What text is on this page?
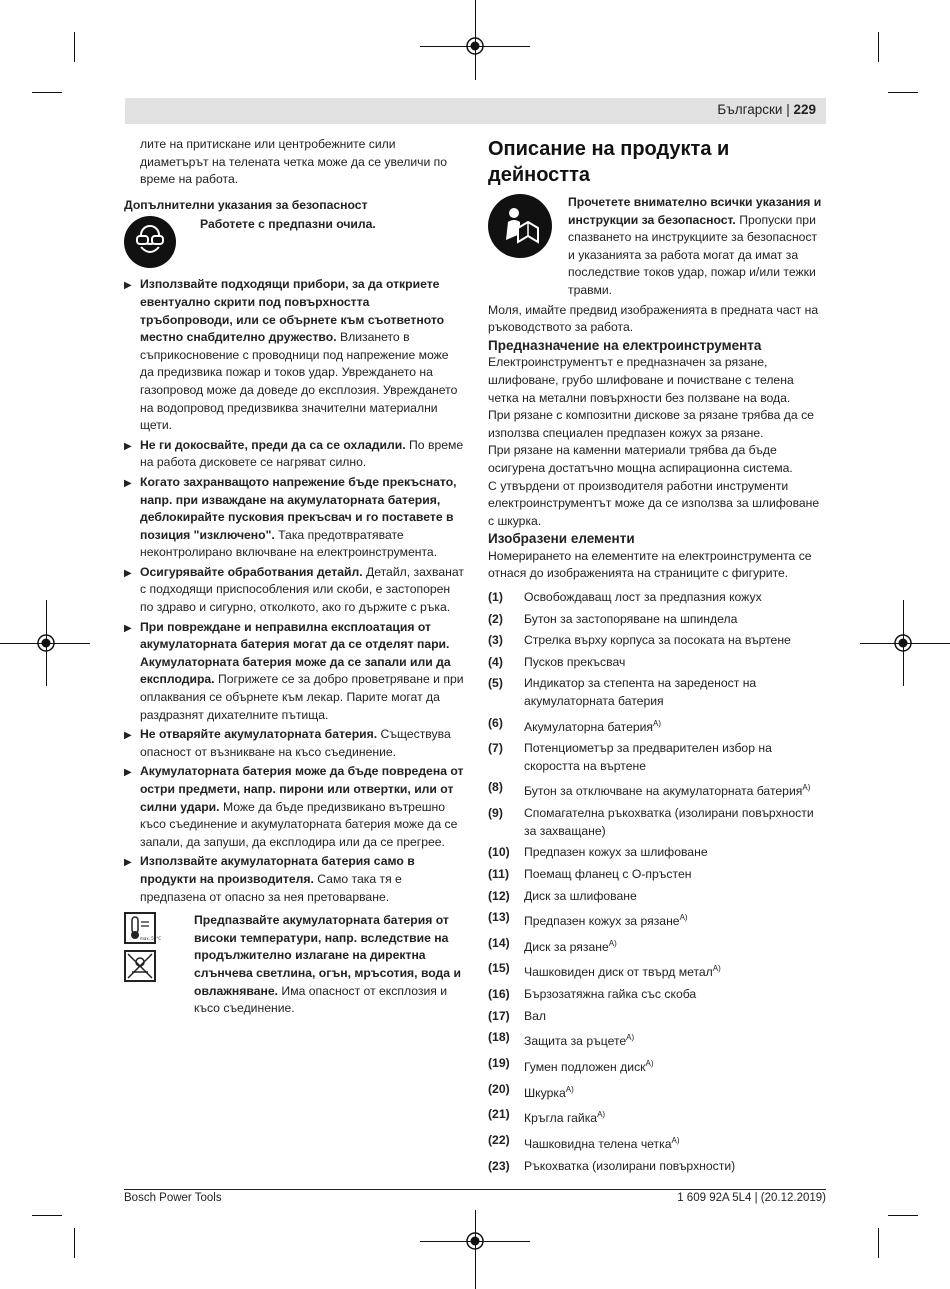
Български | 229

лите на притискане или центробежните сили диаметърът на телената четка може да се увеличи по време на работа.

Допълнителни указания за безопасност

Работете с предпазни очила.

▶ Използвайте подходящи прибори, за да откриете евентуално скрити под повърхността тръбопроводи, или се обърнете към съответното местно снабдително дружество. Влизането в съприкосновение с проводници под напрежение може да предизвика пожар и токов удар. Увреждането на газопровод може да доведе до експлозия. Увреждането на водопровод предизвиква значителни материални щети.
▶ Не ги докосвайте, преди да са се охладили. По време на работа дисковете се нагряват силно.
▶ Когато захранващото напрежение бъде прекъснато, напр. при изваждане на акумулаторната батерия, деблокирайте пусковия прекъсвач и го поставете в позиция "изключено". Така предотвратявате неконтролирано включване на електроинструмента.
▶ Осигурявайте обработвания детайл. Детайл, захванат с подходящи приспособления или скоби, е застопорен по здраво и сигурно, отколкото, ако го държите с ръка.
▶ При повреждане и неправилна експлоатация от акумулаторната батерия могат да се отделят пари. Акумулаторната батерия може да се запали или да експлодира. Погрижете се за добро проветряване и при оплаквания се обърнете към лекар. Парите могат да раздразнят дихателните пътища.
▶ Не отваряйте акумулаторната батерия. Съществува опасност от възникване на късо съединение.
▶ Акумулаторната батерия може да бъде повредена от остри предмети, напр. пирони или отвертки, или от силни удари. Може да бъде предизвикано вътрешно късо съединение и акумулаторната батерия може да се запали, да запуши, да експлодира или да се прегрее.
▶ Използвайте акумулаторната батерия само в продукти на производителя. Само така тя е предпазена от опасно за нея претоварване.
max. 50°C

Предпазвайте акумулаторната батерия от високи температури, напр. вследствие на продължително излагане на директна слънчева светлина, огън, мръсотия, вода и овлажняване. Има опасност от експлозия и късо съединение.

Описание на продукта и дейността

Прочетете внимателно всички указания и инструкции за безопасност. Пропуски при спазването на инструкциите за безопасност и указанията за работа могат да имат за последствие токов удар, пожар и/или тежки травми.

Моля, имайте предвид изображенията в предната част на ръководството за работа.

Предназначение на електроинструмента

Електроинструментът е предназначен за рязане, шлифоване, грубо шлифоване и почистване с телена четка на метални повърхности без ползване на вода.

При рязане с композитни дискове за рязане трябва да се използва специален предпазен кожух за рязане.

При рязане на каменни материали трябва да бъде осигурена достатъчно мощна аспирационна система.

С утвърдени от производителя работни инструменти електроинструментът може да се използва за шлифоване с шкурка.

Изобразени елементи

Номерирането на елементите на електроинструмента се отнася до изображенията на страниците с фигурите.

(1)	Освобождаващ лост за предпазния кожух
(2)	Бутон за застопоряване на шпиндела
(3)	Стрелка върху корпуса за посоката на въртене
(4)	Пусков прекъсвач
(5)	Индикатор за степента на зареденост на акумулаторната батерия
(6)	Акумулаторна батерия$^{A)}$
(7)	Потенциометър за предварителен избор на скоростта на въртене
(8)	Бутон за отключване на акумулаторната батерия$^{A)}$
(9)	Спомагателна ръкохватка (изолирани повърхности за захващане)
(10)	Предпазен кожух за шлифоване
(11)	Поемащ фланец с О-пръстен
(12)	Диск за шлифоване
(13)	Предпазен кожух за рязане$^{A)}$
(14)	Диск за рязане$^{A)}$
(15)	Чашковиден диск от твърд метал$^{A)}$
(16)	Бързозатяжна гайка със скоба
(17)	Вал
(18)	Защита за ръцете$^{A)}$
(19)	Гумен подложен диск$^{A)}$
(20)	Шкурка$^{A)}$
(21)	Кръгла гайка$^{A)}$
(22)	Чашковидна телена четка$^{A)}$
(23)	Ръкохватка (изолирани повърхности)
Bosch Power Tools	1 609 92A 5L4 | (20.12.2019)
